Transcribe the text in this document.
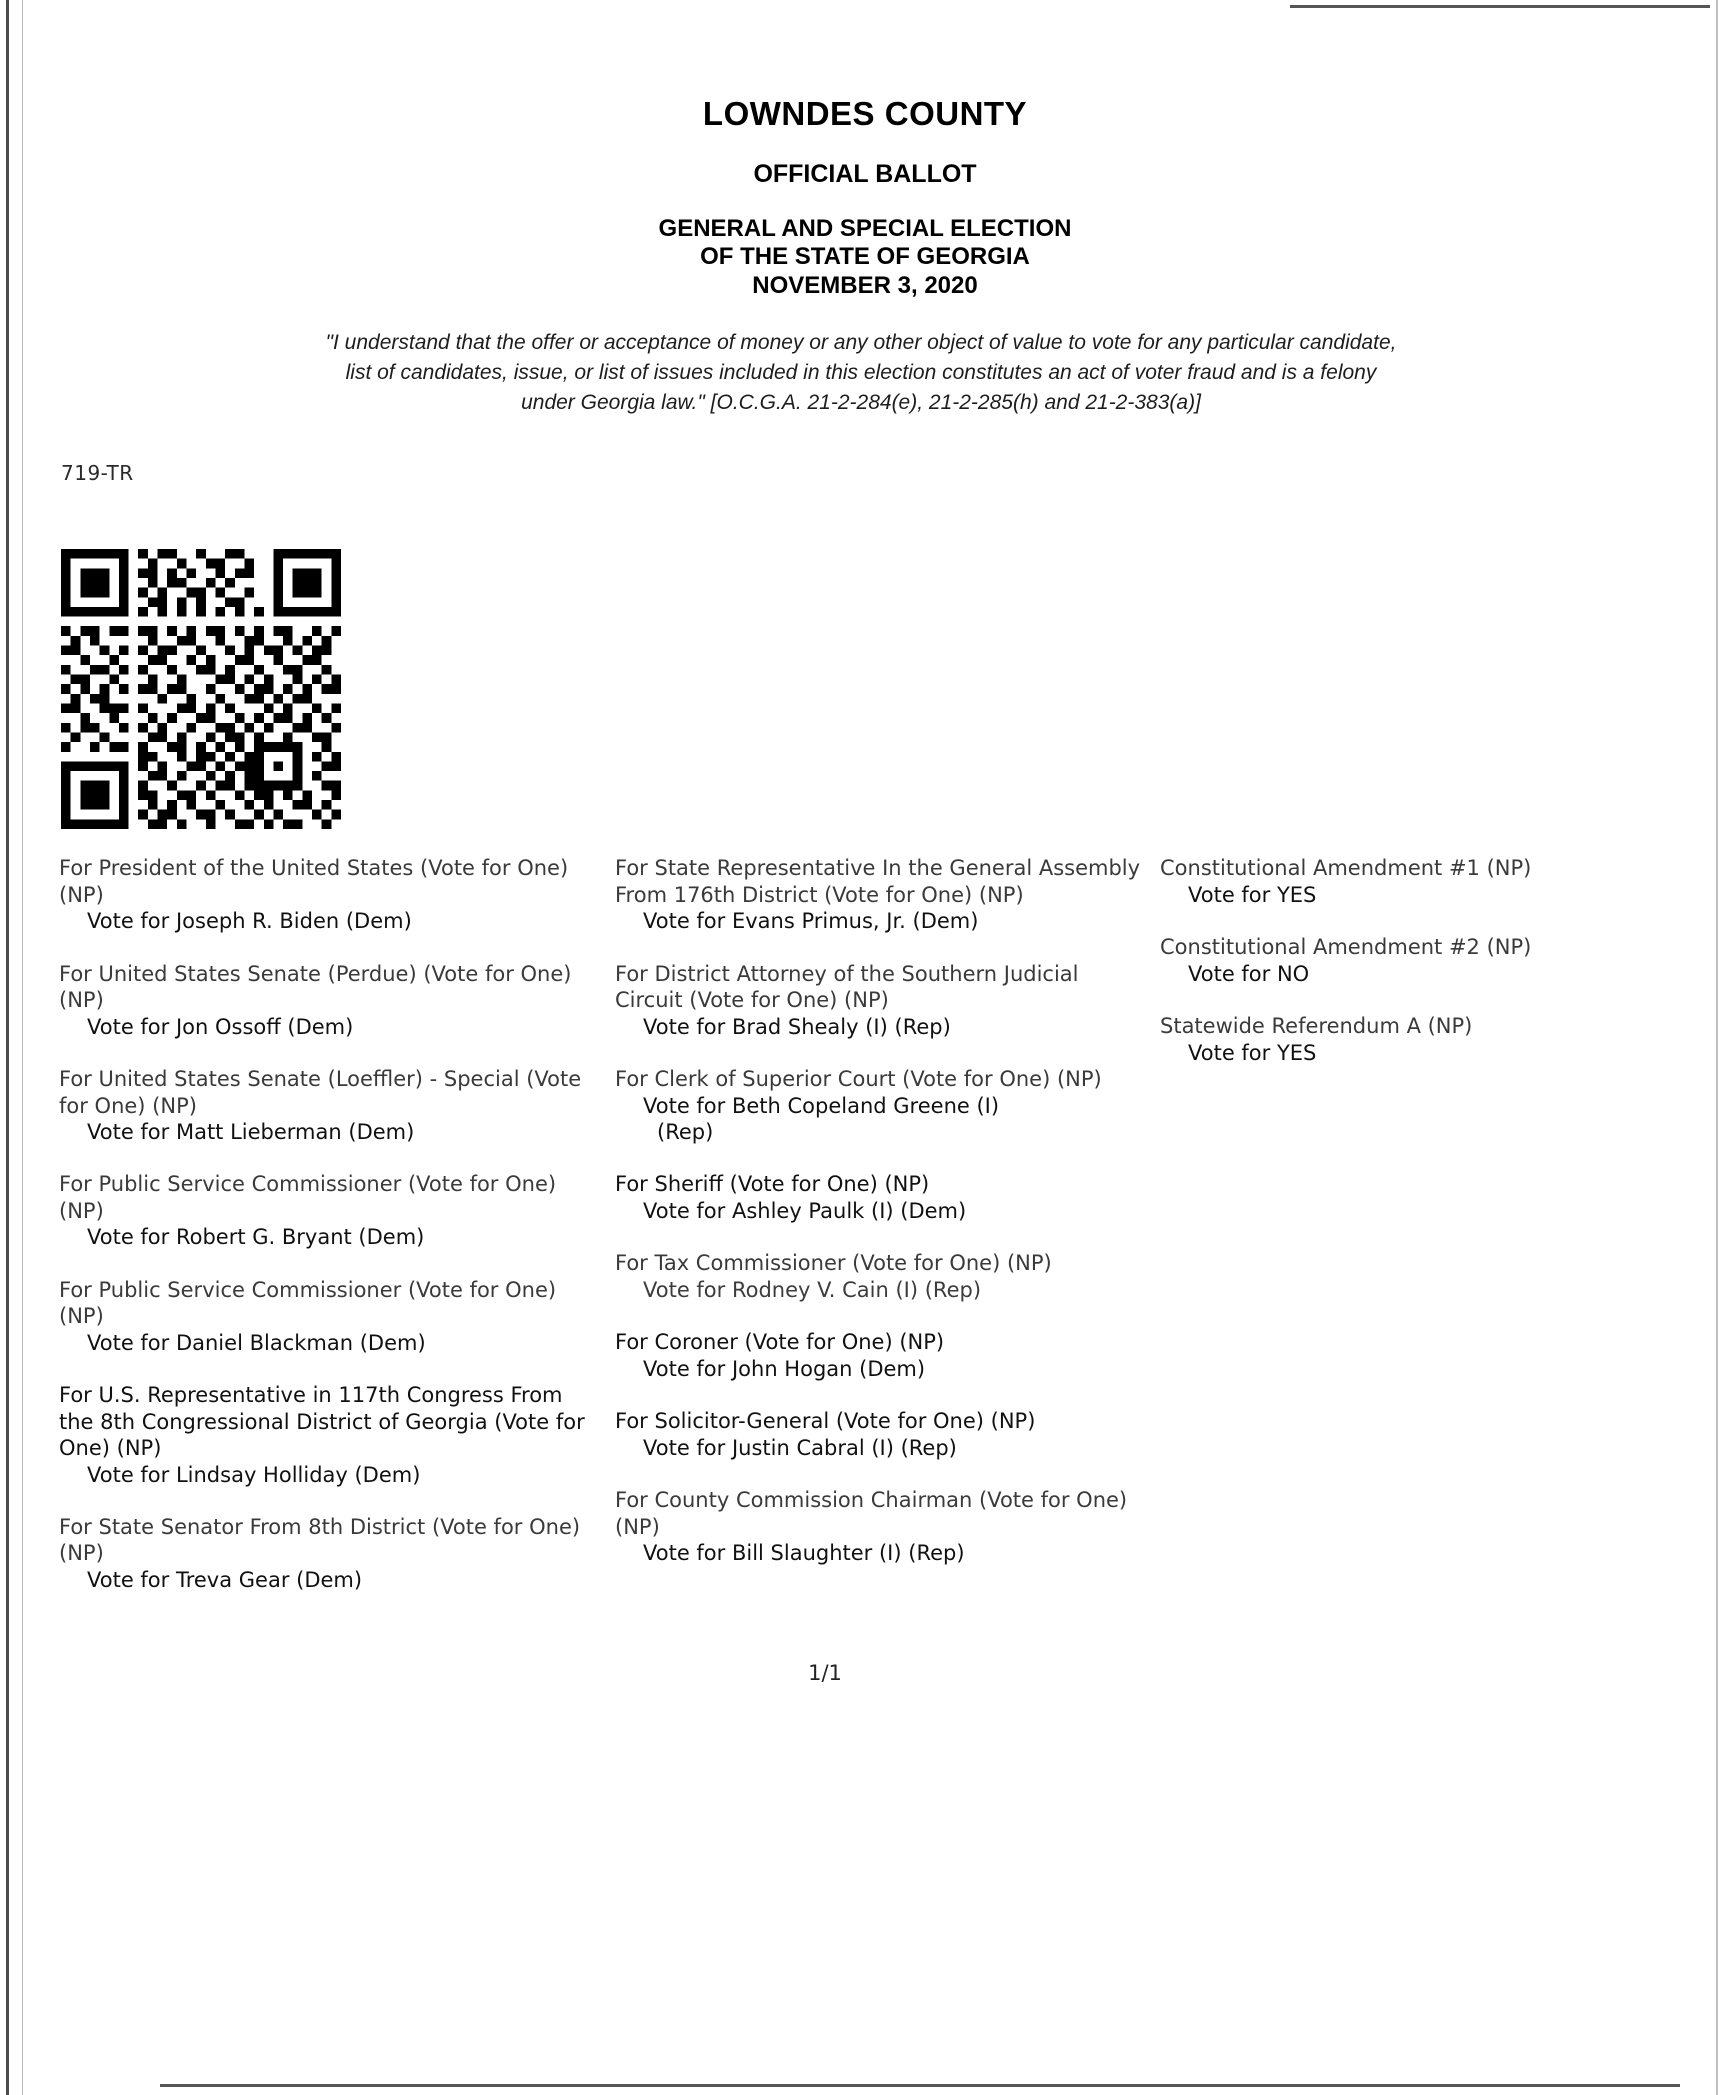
LOWNDES COUNTY
OFFICIAL BALLOT
GENERAL AND SPECIAL ELECTION
OF THE STATE OF GEORGIA
NOVEMBER 3, 2020
"I understand that the offer or acceptance of money or any other object of value to vote for any particular candidate,
list of candidates, issue, or list of issues included in this election constitutes an act of voter fraud and is a felony
under Georgia law." [O.C.G.A. 21-2-284(e), 21-2-285(h) and 21-2-383(a)]
719-TR
For President of the United States (Vote for One) (NP)
Vote for Joseph R. Biden (Dem)
For United States Senate (Perdue) (Vote for One) (NP)
Vote for Jon Ossoff (Dem)
For United States Senate (Loeffler) - Special (Vote for One) (NP)
Vote for Matt Lieberman (Dem)
For Public Service Commissioner (Vote for One) (NP)
Vote for Robert G. Bryant (Dem)
For Public Service Commissioner (Vote for One) (NP)
Vote for Daniel Blackman (Dem)
For U.S. Representative in 117th Congress From the 8th Congressional District of Georgia (Vote for One) (NP)
Vote for Lindsay Holliday (Dem)
For State Senator From 8th District (Vote for One) (NP)
Vote for Treva Gear (Dem)
For State Representative In the General Assembly From 176th District (Vote for One) (NP)
Vote for Evans Primus, Jr. (Dem)
For District Attorney of the Southern Judicial Circuit (Vote for One) (NP)
Vote for Brad Shealy (I) (Rep)
For Clerk of Superior Court (Vote for One) (NP)
Vote for Beth Copeland Greene (I)
(Rep)
For Sheriff (Vote for One) (NP)
Vote for Ashley Paulk (I) (Dem)
For Tax Commissioner (Vote for One) (NP)
Vote for Rodney V. Cain (I) (Rep)
For Coroner (Vote for One) (NP)
Vote for John Hogan (Dem)
For Solicitor-General (Vote for One) (NP)
Vote for Justin Cabral (I) (Rep)
For County Commission Chairman (Vote for One) (NP)
Vote for Bill Slaughter (I) (Rep)
Constitutional Amendment #1 (NP)
Vote for YES
Constitutional Amendment #2 (NP)
Vote for NO
Statewide Referendum A (NP)
Vote for YES
1/1
